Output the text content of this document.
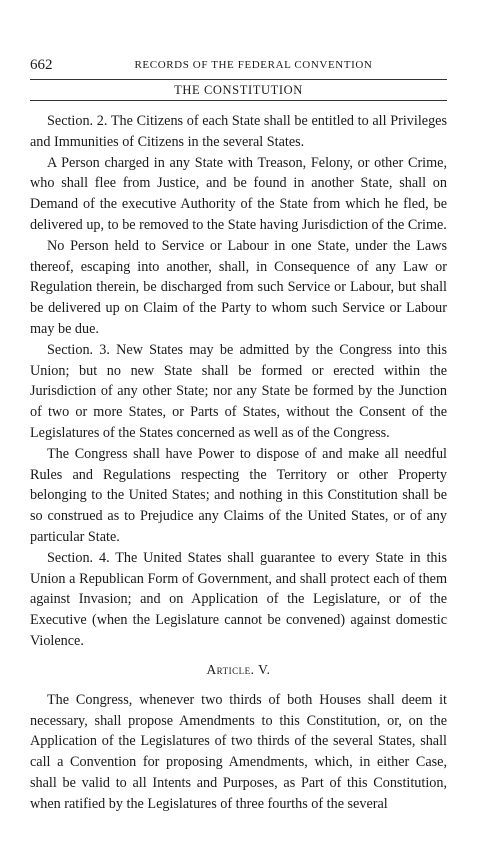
662	RECORDS OF THE FEDERAL CONVENTION
THE CONSTITUTION

Section. 2. The Citizens of each State shall be entitled to all Privileges and Immunities of Citizens in the several States.

A Person charged in any State with Treason, Felony, or other Crime, who shall flee from Justice, and be found in another State, shall on Demand of the executive Authority of the State from which he fled, be delivered up, to be removed to the State having Jurisdiction of the Crime.

No Person held to Service or Labour in one State, under the Laws thereof, escaping into another, shall, in Consequence of any Law or Regulation therein, be discharged from such Service or Labour, but shall be delivered up on Claim of the Party to whom such Service or Labour may be due.

Section. 3. New States may be admitted by the Congress into this Union; but no new State shall be formed or erected within the Jurisdiction of any other State; nor any State be formed by the Junction of two or more States, or Parts of States, without the Consent of the Legislatures of the States concerned as well as of the Congress.

The Congress shall have Power to dispose of and make all needful Rules and Regulations respecting the Territory or other Property belonging to the United States; and nothing in this Constitution shall be so construed as to Prejudice any Claims of the United States, or of any particular State.

Section. 4. The United States shall guarantee to every State in this Union a Republican Form of Government, and shall protect each of them against Invasion; and on Application of the Legislature, or of the Executive (when the Legislature cannot be convened) against domestic Violence.

Article. V.

The Congress, whenever two thirds of both Houses shall deem it necessary, shall propose Amendments to this Constitution, or, on the Application of the Legislatures of two thirds of the several States, shall call a Convention for proposing Amendments, which, in either Case, shall be valid to all Intents and Purposes, as Part of this Constitution, when ratified by the Legislatures of three fourths of the several
